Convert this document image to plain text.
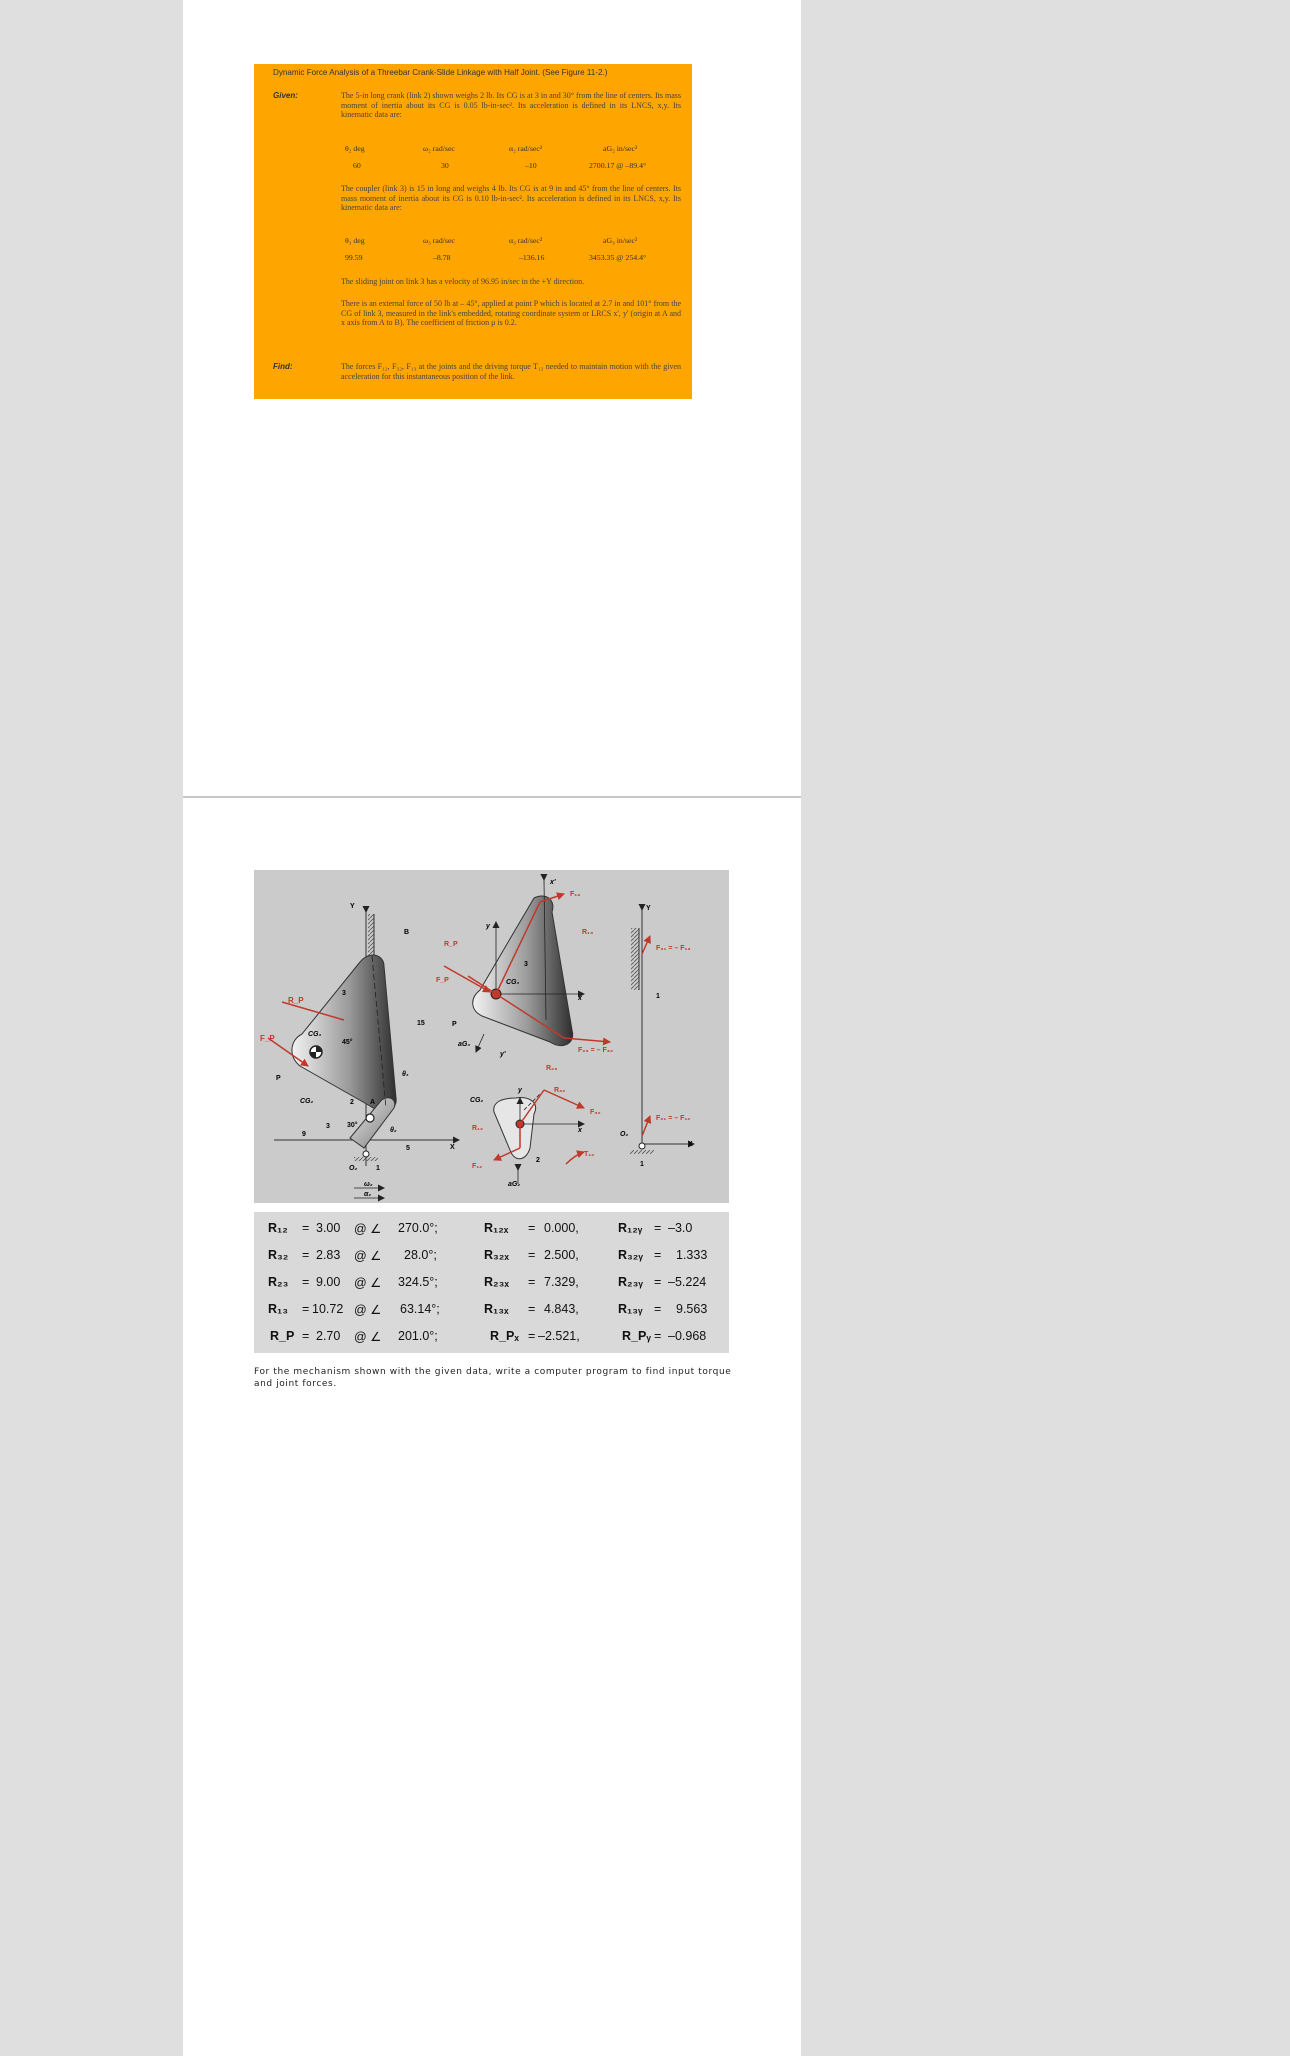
Dynamic Force Analysis of a Threebar Crank-Slide Linkage with Half Joint. (See Figure 11-2.)
Given:	The 5-in long crank (link 2) shown weighs 2 lb. Its CG is at 3 in and 30° from the line of centers. Its mass moment of inertia about its CG is 0.05 lb-in-sec². Its acceleration is defined in its LNCS, x,y. Its kinematic data are:
θ₂ deg	ω₂ rad/sec	α₂ rad/sec²	aG₂ in/sec²
60	30	–10	2700.17 @ –89.4°
The coupler (link 3) is 15 in long and weighs 4 lb. Its CG is at 9 in and 45° from the line of centers. Its mass moment of inertia about its CG is 0.10 lb-in-sec². Its acceleration is defined in its LNCS, x,y. Its kinematic data are:
θ₃ deg	ω₃ rad/sec	α₃ rad/sec²	aG₃ in/sec²
99.59	–8.78	–136.16	3453.35 @ 254.4°
The sliding joint on link 3 has a velocity of 96.95 in/sec in the +Y direction.
There is an external force of 50 lb at – 45°, applied at point P which is located at 2.7 in and 101° from the CG of link 3, measured in the link's embedded, rotating coordinate system or LRCS x', y' (origin at A and x axis from A to B). The coefficient of friction μ is 0.2.
Find:	The forces F₁₂, F₃₂, F₁₃ at the joints and the driving torque T₁₂ needed to maintain motion with the given acceleration for this instantaneous position of the link.
Y
B
R_P
F_P	CG₃
3
45°
15
P
θ₃
CG₂	2 A
9
3 30°
θ₂
5	X
O₂	1
ω₂
α₂
x'
F₁₃
R₁₃
y
R_P
3
CG₃
F_P
x
P
aG₃
y'
F₂₃ = – F₃₂
R₂₃
y	R₃₂
CG₂
F₃₂
R₁₂	x
2
T₁₂
F₁₂
aG₂
Y
F₃₁ = – F₁₃
1
F₂₁ = – F₁₂
O₂
X
1
R₁₂ = 3.00 @ ∠ 270.0°;	R₁₂ₓ = 0.000,	R₁₂ᵧ = –3.0
R₃₂ = 2.83 @ ∠ 28.0°;	R₃₂ₓ = 2.500,	R₃₂ᵧ = 1.333
R₂₃ = 9.00 @ ∠ 324.5°;	R₂₃ₓ = 7.329,	R₂₃ᵧ = –5.224
R₁₃ = 10.72 @ ∠ 63.14°;	R₁₃ₓ = 4.843,	R₁₃ᵧ = 9.563
R_P = 2.70 @ ∠ 201.0°;	R_Pₓ = –2.521,	R_Pᵧ = –0.968
For the mechanism shown with the given data, write a computer program to find input torque and joint forces.
